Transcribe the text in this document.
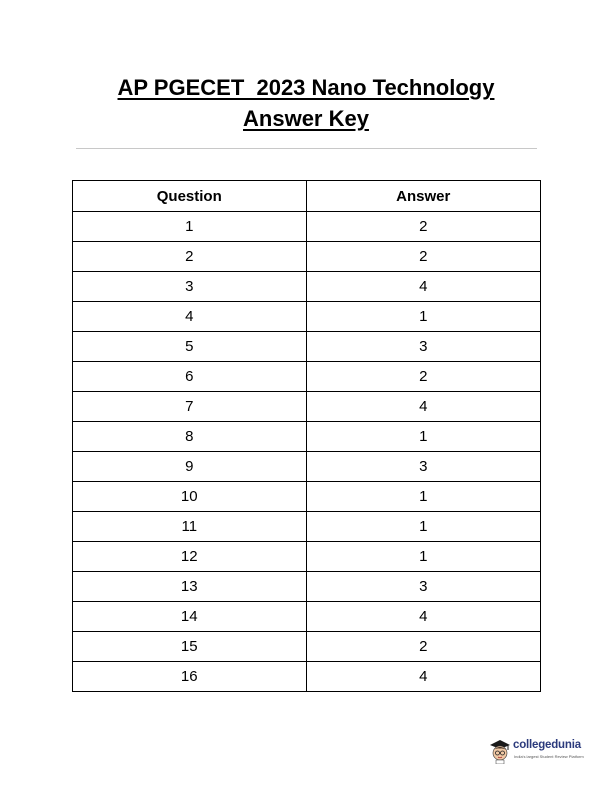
AP PGECET  2023 Nano Technology
Answer Key
Question	Answer
1	2
2	2
3	4
4	1
5	3
6	2
7	4
8	1
9	3
10	1
11	1
12	1
13	3
14	4
15	2
16	4
collegedunia
India's largest Student Review Platform
